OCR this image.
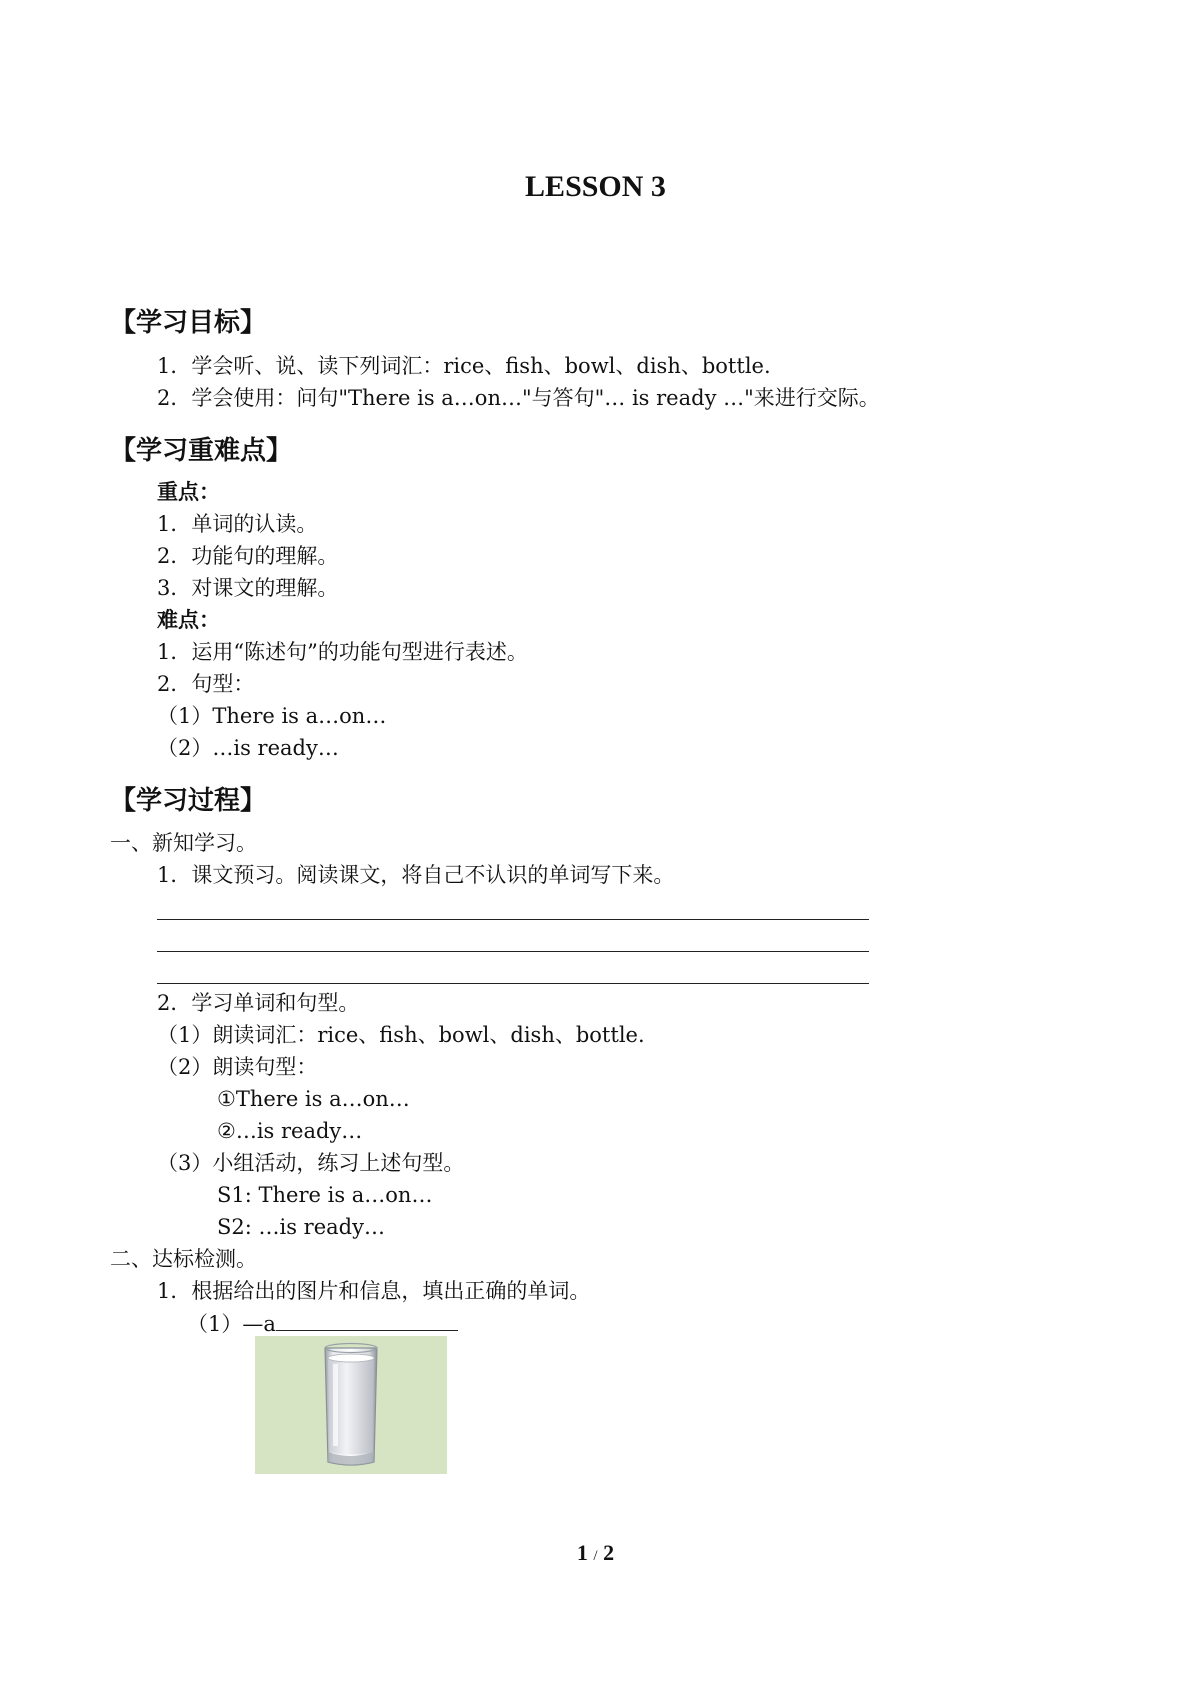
LESSON 3
【学习目标】
1．学会听、说、读下列词汇：rice、fish、bowl、dish、bottle.
2．学会使用：问句"There is a…on…"与答句"… is ready …"来进行交际。
【学习重难点】
重点：
1．单词的认读。
2．功能句的理解。
3．对课文的理解。
难点：
1．运用“陈述句”的功能句型进行表述。
2．句型：
（1）There is a…on…
（2）…is ready…
【学习过程】
一、新知学习。
1．课文预习。阅读课文，将自己不认识的单词写下来。
2．学习单词和句型。
（1）朗读词汇：rice、fish、bowl、dish、bottle.
（2）朗读句型：
①There is a…on…
②…is ready…
（3）小组活动，练习上述句型。
S1: There is a…on…
S2: …is ready…
二、达标检测。
1．根据给出的图片和信息，填出正确的单词。
（1）—a
1 / 2
